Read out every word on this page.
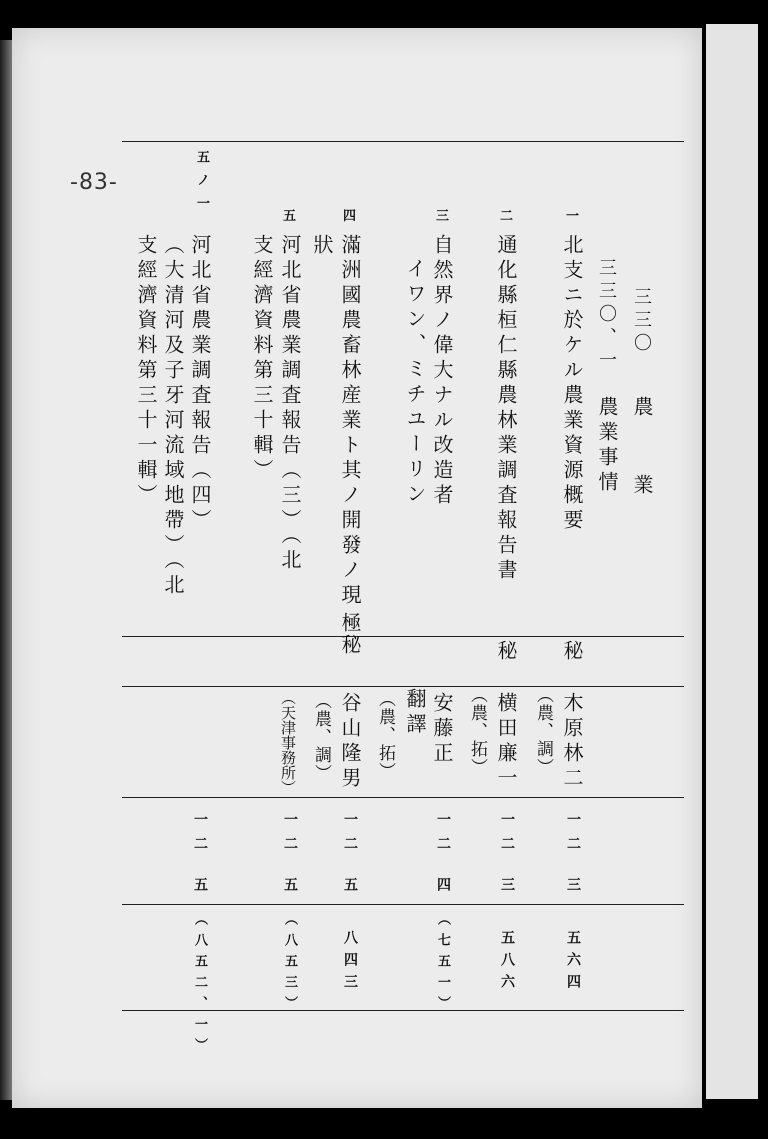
-83-
三三〇
農業
三三〇、一
農業事情
一
北支ニ於ケル農業資源概要
秘
木原林二
（農、調）
一
二
三
五六四
二
通化縣桓仁縣農林業調査報告書
秘
横田廉一
（農、拓）
一
二
三
五八六
三
自然界ノ偉大ナル改造者
イワン、ミチユーリン
安藤正
翻譯
（農、拓）
一
二
四
（七五一）
四
滿洲國農畜林産業ト其ノ開發ノ現
狀
極秘
谷山隆男
（農、調）
一
二
五
八四三
五
河北省農業調査報告（三）（北
支經濟資料第三十輯）
（天津事務所）
一
二
五
（八五三）
五ノ一
河北省農業調査報告（四）
（大清河及子牙河流域地帶）（北
支經濟資料第三十一輯）
一
二
五
（八五二、一）
